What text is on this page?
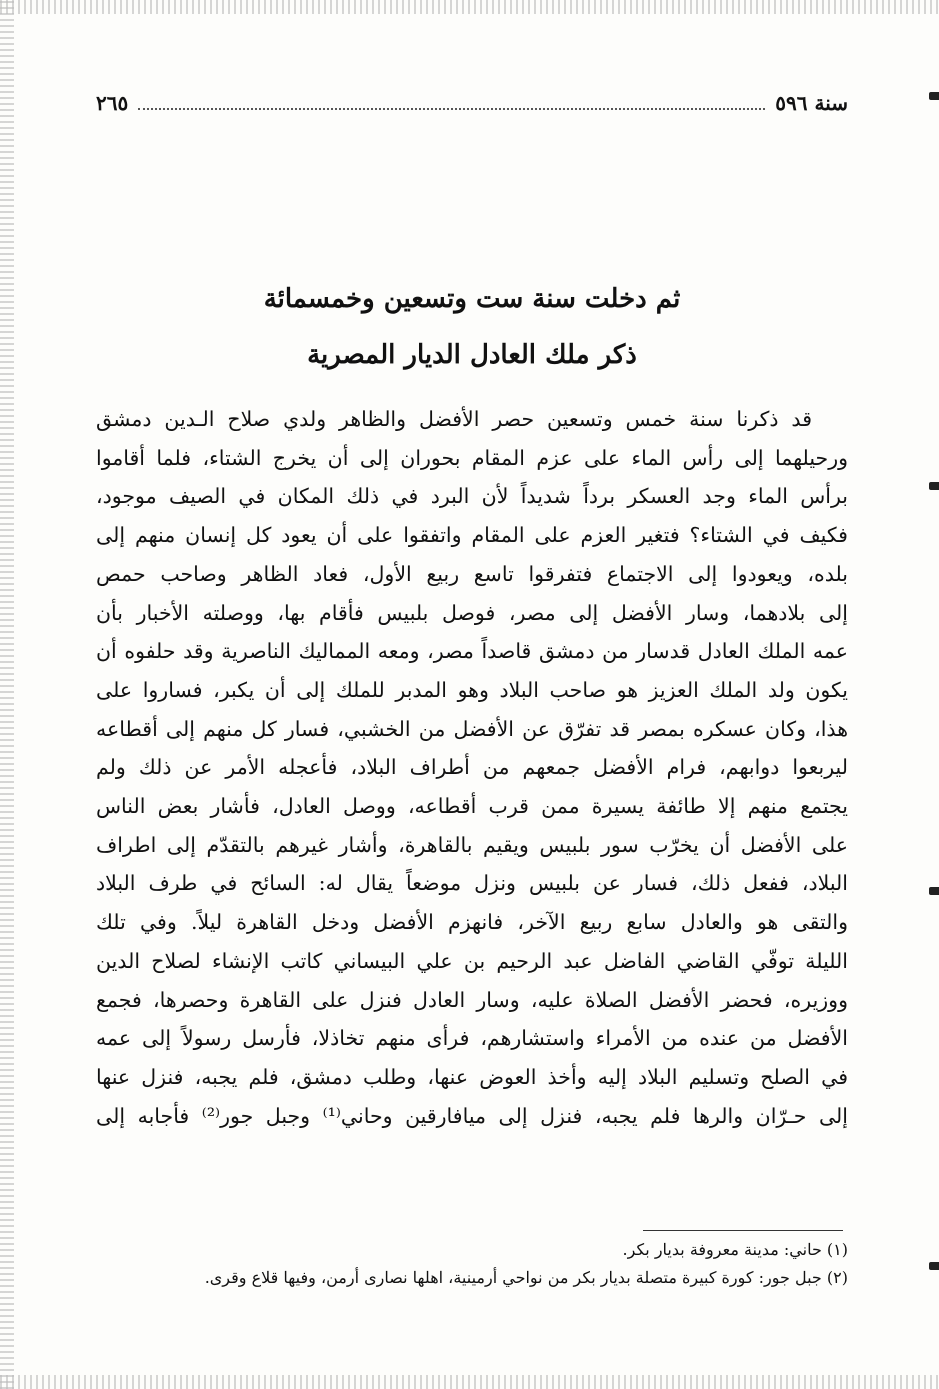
سنة ٥٩٦
٢٦٥
ثم دخلت سنة ست وتسعين وخمسمائة
ذكر ملك العادل الديار المصرية
قد ذكرنا سنة خمس وتسعين حصر الأفضل والظاهر ولدي صلاح الـدين دمشق
ورحيلهما إلى رأس الماء على عزم المقام بحوران إلى أن يخرج الشتاء، فلما أقاموا
برأس الماء وجد العسكر برداً شديداً لأن البرد في ذلك المكان في الصيف موجود،
فكيف في الشتاء؟ فتغير العزم على المقام واتفقوا على أن يعود كل إنسان منهم إلى
بلده، ويعودوا إلى الاجتماع فتفرقوا تاسع ربيع الأول، فعاد الظاهر وصاحب حمص
إلى بلادهما، وسار الأفضل إلى مصر، فوصل بلبيس فأقام بها، ووصلته الأخبار بأن
عمه الملك العادل قدسار من دمشق قاصداً مصر، ومعه المماليك الناصرية وقد حلفوه أن
يكون ولد الملك العزيز هو صاحب البلاد وهو المدبر للملك إلى أن يكبر، فساروا على
هذا، وكان عسكره بمصر قد تفرّق عن الأفضل من الخشبي، فسار كل منهم إلى أقطاعه
ليربعوا دوابهم، فرام الأفضل جمعهم من أطراف البلاد، فأعجله الأمر عن ذلك ولم
يجتمع منهم إلا طائفة يسيرة ممن قرب أقطاعه، ووصل العادل، فأشار بعض الناس
على الأفضل أن يخرّب سور بلبيس ويقيم بالقاهرة، وأشار غيرهم بالتقدّم إلى اطراف
البلاد، ففعل ذلك، فسار عن بلبيس ونزل موضعاً يقال له: السائح في طرف البلاد
والتقى هو والعادل سابع ربيع الآخر، فانهزم الأفضل ودخل القاهرة ليلاً. وفي تلك
الليلة توفّي القاضي الفاضل عبد الرحيم بن علي البيساني كاتب الإنشاء لصلاح الدين
ووزيره، فحضر الأفضل الصلاة عليه، وسار العادل فنزل على القاهرة وحصرها، فجمع
الأفضل من عنده من الأمراء واستشارهم، فرأى منهم تخاذلا، فأرسل رسولاً إلى عمه
في الصلح وتسليم البلاد إليه وأخذ العوض عنها، وطلب دمشق، فلم يجبه، فنزل عنها
إلى حـرّان والرها فلم يجبه، فنزل إلى ميافارقين وحاني⁽¹⁾ وجبل جور⁽²⁾ فأجابه إلى
(١) حاني: مدينة معروفة بديار بكر.
(٢) جبل جور: كورة كبيرة متصلة بديار بكر من نواحي أرمينية، اهلها نصارى أرمن، وفيها قلاع وقرى.
